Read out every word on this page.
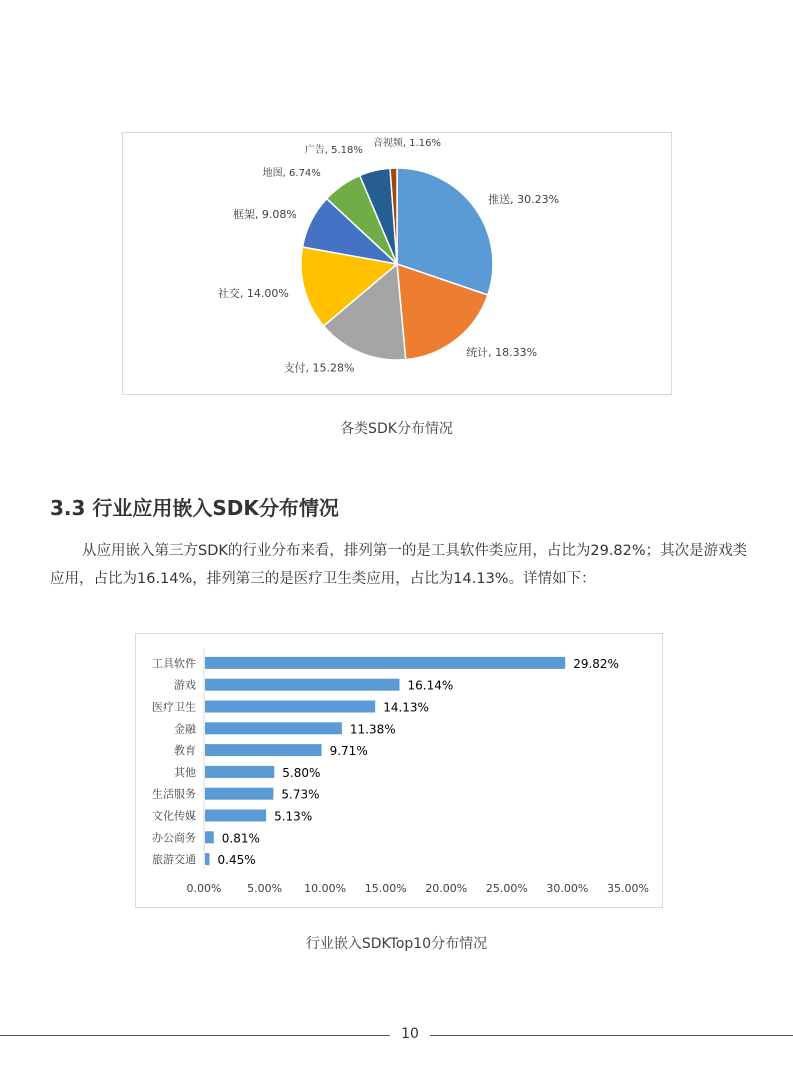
推送, 30.23%
统计, 18.33%
支付, 15.28%
社交, 14.00%
框架, 9.08%
地图, 6.74%
广告, 5.18%
音视频, 1.16%
各类SDK分布情况
3.3 行业应用嵌入SDK分布情况
从应用嵌入第三方SDK的行业分布来看，排列第一的是工具软件类应用，占比为29.82%；其次是游戏类应用，占比为16.14%，排列第三的是医疗卫生类应用，占比为14.13%。详情如下：
工具软件	29.82%
游戏	16.14%
医疗卫生	14.13%
金融	11.38%
教育	9.71%
其他	5.80%
生活服务	5.73%
文化传媒	5.13%
办公商务 0.81%
旅游交通 0.45%
0.00% 5.00% 10.00% 15.00% 20.00% 25.00% 30.00% 35.00%
行业嵌入SDKTop10分布情况
10
